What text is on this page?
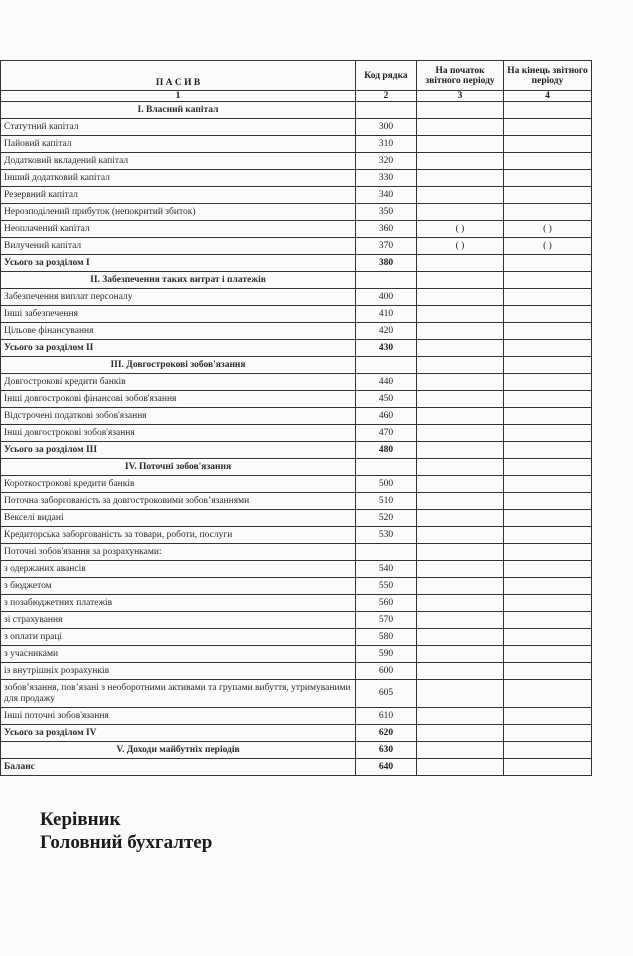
П А С И В	Код рядка	На початок звітного періоду	На кінець звітного періоду
1	2	3	4
I. Власний капітал			
Статутний капітал	300		
Пайовий капітал	310		
Додатковий вкладений капітал	320		
Інший додатковий капітал	330		
Резервний капітал	340		
Нерозподілений прибуток (непокритий збиток)	350		
Неоплачений капітал	360	( )	( )
Вилучений капітал	370	( )	( )
Усього за розділом I	380		
II. Забезпечення таких витрат і платежів			
Забезпечення виплат персоналу	400		
Інші забезпечення	410		
Цільове фінансування	420		
Усього за розділом II	430		
III. Довгострокові зобов'язання			
Довгострокові кредити банків	440		
Інші довгострокові фінансові зобов'язання	450		
Відстрочені податкові зобов'язання	460		
Інші довгострокові зобов'язання	470		
Усього за розділом III	480		
IV. Поточні зобов'язання			
Короткострокові кредити банків	500		
Поточна заборгованість за довгостроковими зобов’язаннями	510		
Векселі видані	520		
Кредиторська заборгованість за товари, роботи, послуги	530		
Поточні зобов'язання за розрахунками:			
з одержаних авансів	540		
з бюджетом	550		
з позабюджетних платежів	560		
зі страхування	570		
з оплати праці	580		
з учасниками	590		
із внутрішніх розрахунків	600		
зобов’язання, пов’язані з необоротними активами та групами вибуття, утримуваними для продажу	605		
Інші поточні зобов'язання	610		
Усього за розділом IV	620		
V. Доходи майбутніх періодів	630		
Баланс	640		
Керівник
Головний бухгалтер
